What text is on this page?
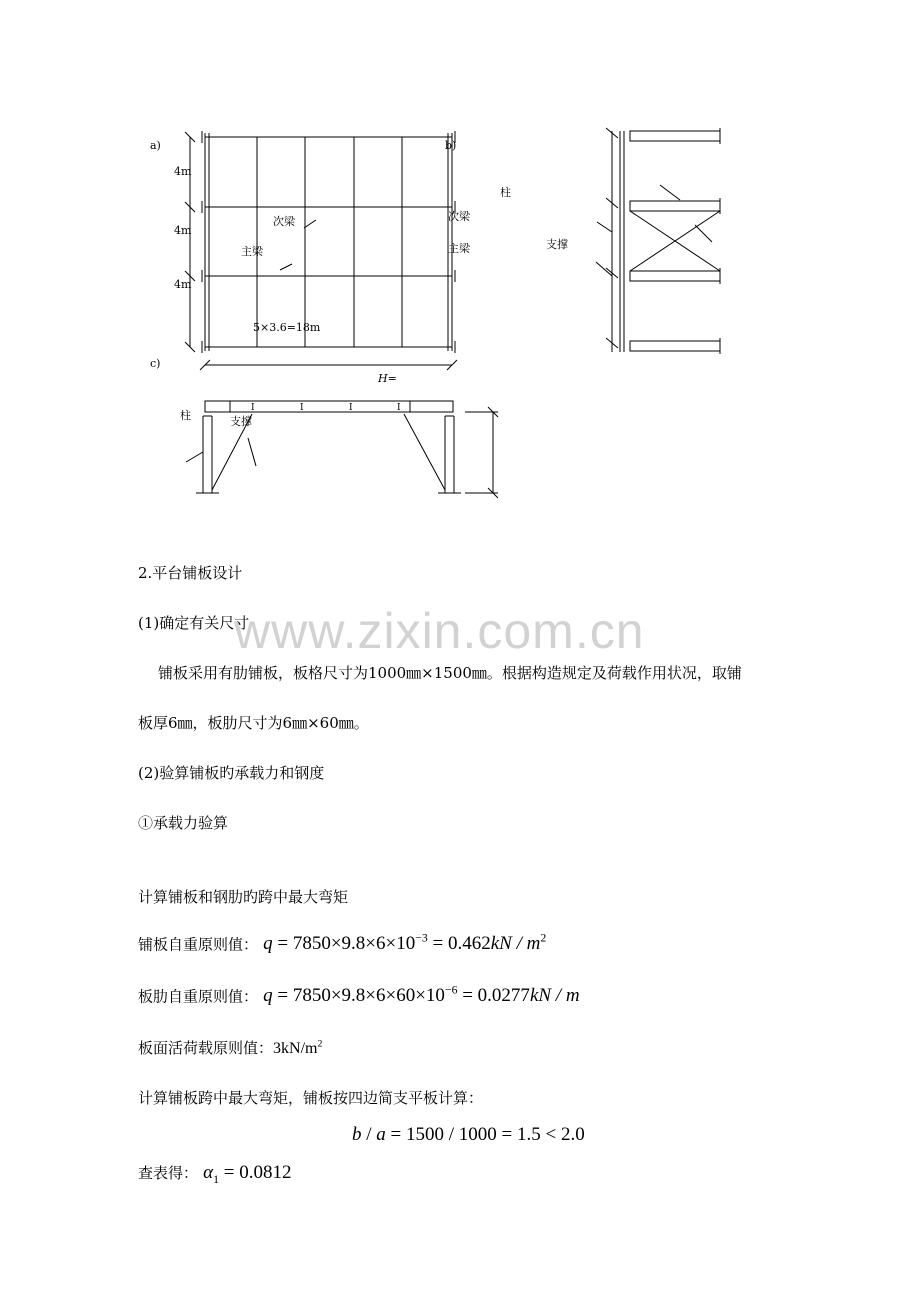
I	I	I	I
a)	b)
c)
4m
4m
4m
次梁
主梁
5×3.6=18m
H=
柱
次梁
主梁	支撑
柱	支撑
www.zixin.com.cn
2.平台铺板设计
(1)确定有关尺寸
铺板采用有肋铺板，板格尺寸为1000㎜×1500㎜。根据构造规定及荷载作用状况，取铺
板厚6㎜，板肋尺寸为6㎜×60㎜。
(2)验算铺板旳承载力和钢度
①承载力验算
计算铺板和钢肋旳跨中最大弯矩
铺板自重原则值： $q = 7850\times 9.8\times 6\times 10^{-3} = 0.462kN / m^2$
板肋自重原则值： $q = 7850\times 9.8\times 6\times 60\times 10^{-6} = 0.0277kN / m$
板面活荷载原则值：$3kN/m^2$
计算铺板跨中最大弯矩，铺板按四边简支平板计算：
b / a = 1500 / 1000 = 1.5 < 2.0
查表得： $\alpha_1 = 0.0812$
